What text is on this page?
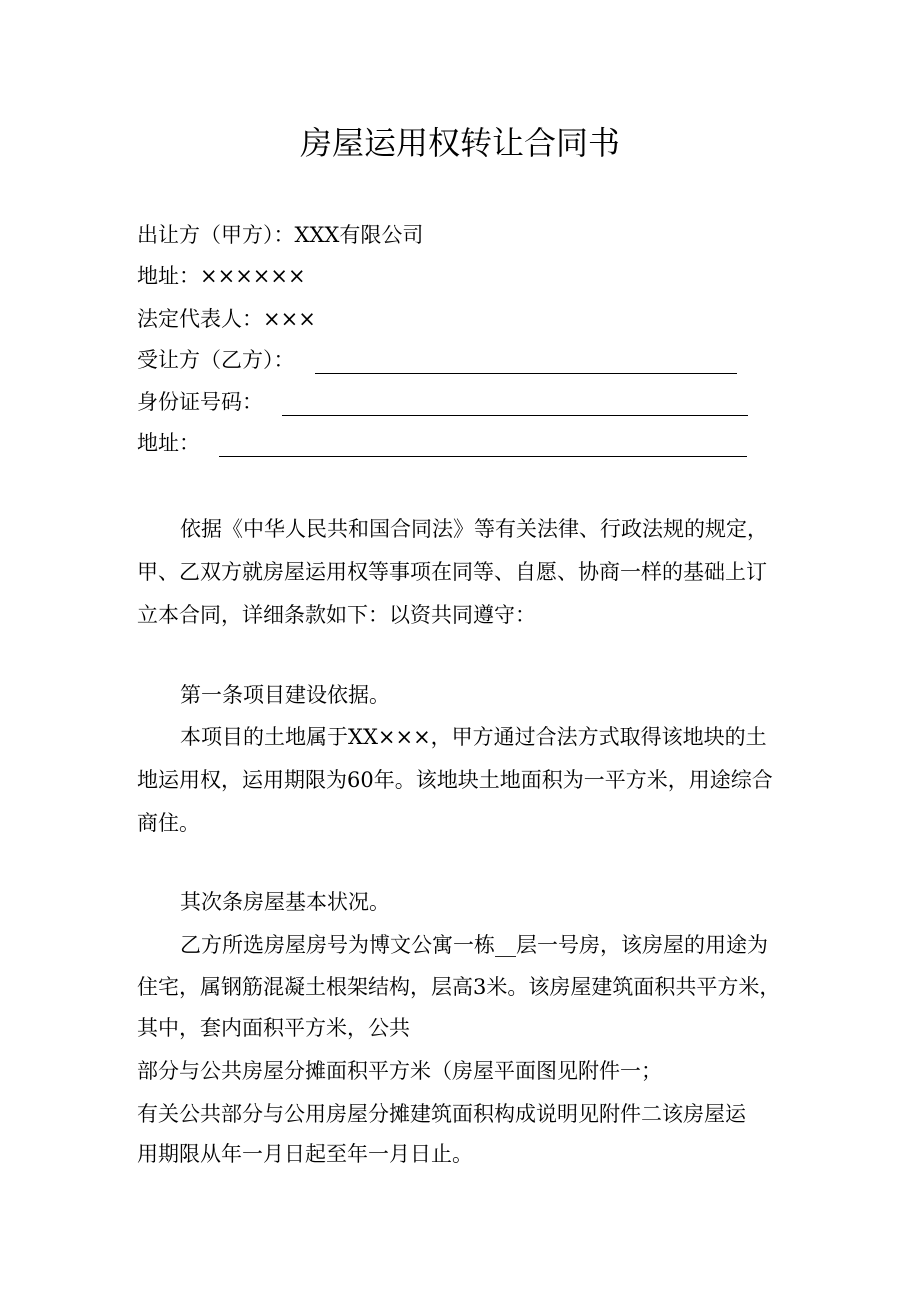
房屋运用权转让合同书
出让方（甲方）：XXX有限公司
地址：××××××
法定代表人：×××
受让方（乙方）：
身份证号码：
地址：
依据《中华人民共和国合同法》等有关法律、行政法规的规定，
甲、乙双方就房屋运用权等事项在同等、自愿、协商一样的基础上订
立本合同，详细条款如下：以资共同遵守：
第一条项目建设依据。
本项目的土地属于XX×××，甲方通过合法方式取得该地块的土
地运用权，运用期限为60年。该地块土地面积为一平方米，用途综合
商住。
其次条房屋基本状况。
乙方所选房屋房号为博文公寓一栋__层一号房，该房屋的用途为
住宅，属钢筋混凝土根架结构，层高3米。该房屋建筑面积共平方米，
其中，套内面积平方米，公共
部分与公共房屋分摊面积平方米（房屋平面图见附件一；
有关公共部分与公用房屋分摊建筑面积构成说明见附件二该房屋运
用期限从年一月日起至年一月日止。
